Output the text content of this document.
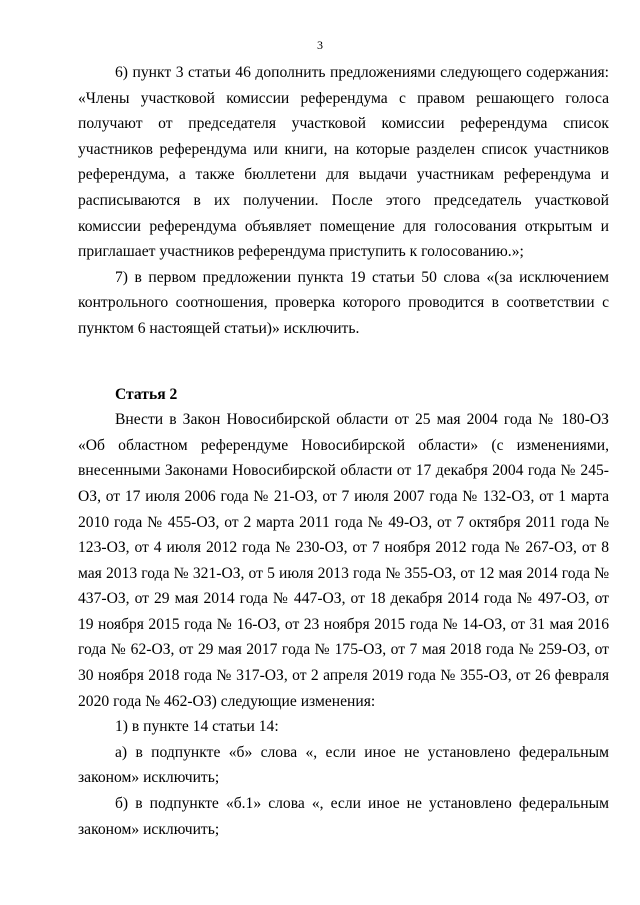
3

6) пункт 3 статьи 46 дополнить предложениями следующего содержания: «Члены участковой комиссии референдума с правом решающего голоса получают от председателя участковой комиссии референдума список участников референдума или книги, на которые разделен список участников референдума, а также бюллетени для выдачи участникам референдума и расписываются в их получении. После этого председатель участковой комиссии референдума объявляет помещение для голосования открытым и приглашает участников референдума приступить к голосованию.»;

7) в первом предложении пункта 19 статьи 50 слова «(за исключением контрольного соотношения, проверка которого проводится в соответствии с пунктом 6 настоящей статьи)» исключить.

Статья 2

Внести в Закон Новосибирской области от 25 мая 2004 года № 180-ОЗ «Об областном референдуме Новосибирской области» (с изменениями, внесенными Законами Новосибирской области от 17 декабря 2004 года № 245-ОЗ, от 17 июля 2006 года № 21-ОЗ, от 7 июля 2007 года № 132-ОЗ, от 1 марта 2010 года № 455-ОЗ, от 2 марта 2011 года № 49-ОЗ, от 7 октября 2011 года № 123-ОЗ, от 4 июля 2012 года № 230-ОЗ, от 7 ноября 2012 года № 267-ОЗ, от 8 мая 2013 года № 321-ОЗ, от 5 июля 2013 года № 355-ОЗ, от 12 мая 2014 года № 437-ОЗ, от 29 мая 2014 года № 447-ОЗ, от 18 декабря 2014 года № 497-ОЗ, от 19 ноября 2015 года № 16-ОЗ, от 23 ноября 2015 года № 14-ОЗ, от 31 мая 2016 года № 62-ОЗ, от 29 мая 2017 года № 175-ОЗ, от 7 мая 2018 года № 259-ОЗ, от 30 ноября 2018 года № 317-ОЗ, от 2 апреля 2019 года № 355-ОЗ, от 26 февраля 2020 года № 462-ОЗ) следующие изменения:

1) в пункте 14 статьи 14:

а) в подпункте «б» слова «, если иное не установлено федеральным законом» исключить;

б) в подпункте «б.1» слова «, если иное не установлено федеральным законом» исключить;
